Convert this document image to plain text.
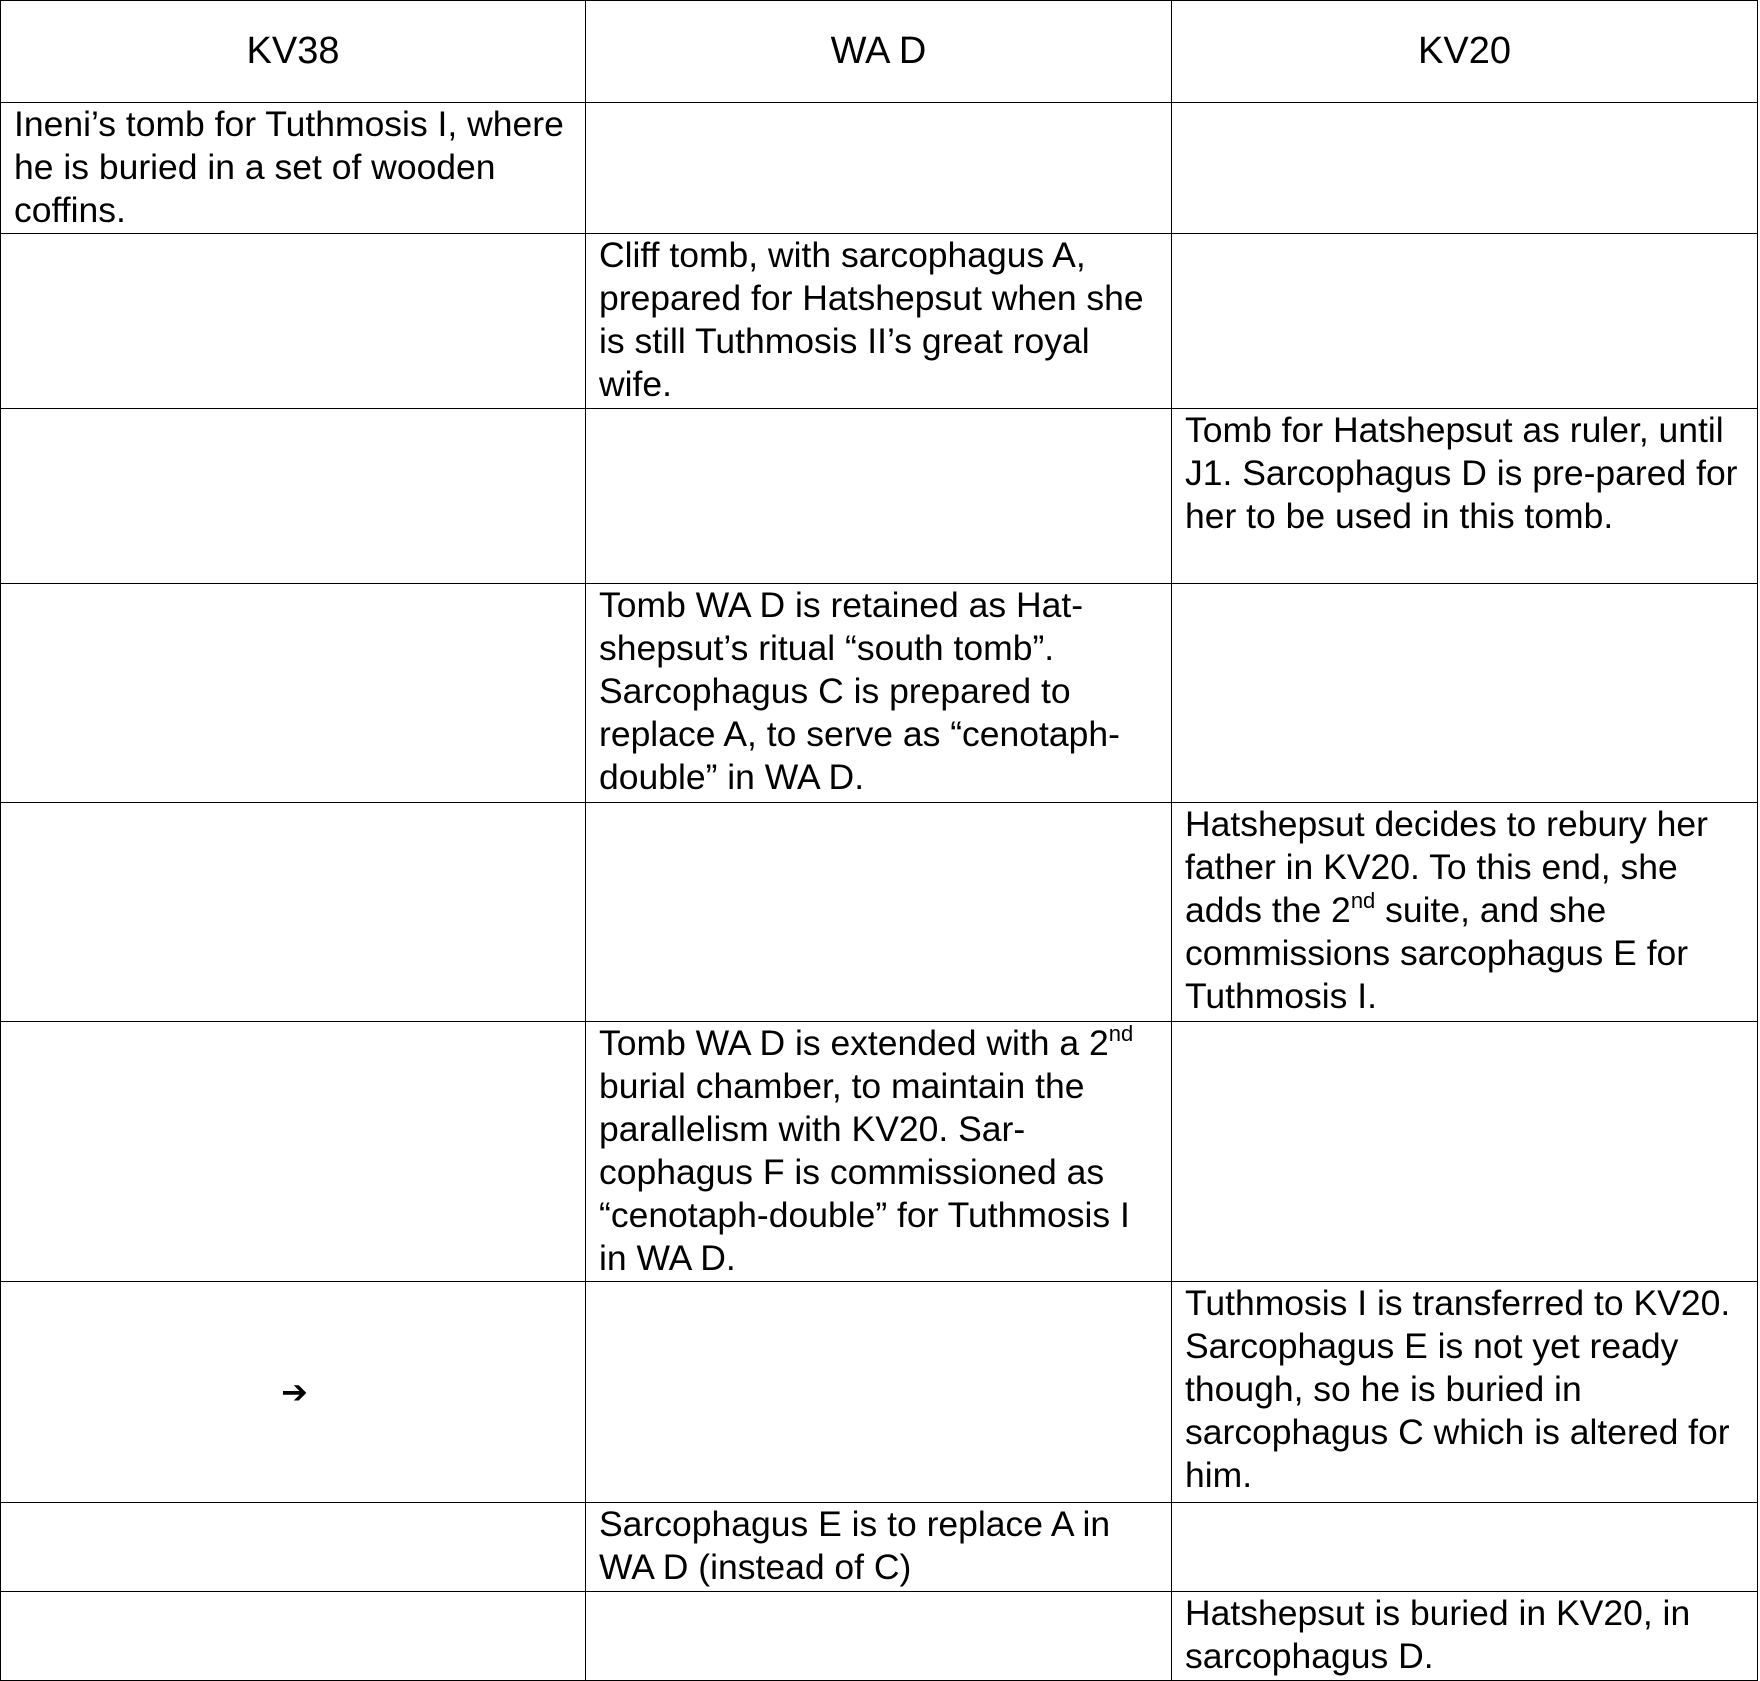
KV38	WA D	KV20
Ineni’s tomb for Tuthmosis I, where he is buried in a set of wooden coffins.		
	Cliff tomb, with sarcophagus A, prepared for Hatshepsut when she is still Tuthmosis II’s great royal wife.	
		Tomb for Hatshepsut as ruler, until J1. Sarcophagus D is pre-pared for her to be used in this tomb.
	Tomb WA D is retained as Hat-shepsut’s ritual “south tomb”. Sarcophagus C is prepared to replace A, to serve as “cenotaph-double” in WA D.	
		Hatshepsut decides to rebury her father in KV20. To this end, she adds the 2nd suite, and she commissions sarcophagus E for Tuthmosis I.
	Tomb WA D is extended with a 2nd burial chamber, to maintain the parallelism with KV20. Sar-cophagus F is commissioned as “cenotaph-double” for Tuthmosis I in WA D.	
➔		Tuthmosis I is transferred to KV20. Sarcophagus E is not yet ready though, so he is buried in sarcophagus C which is altered for him.
	Sarcophagus E is to replace A in WA D (instead of C)	
		Hatshepsut is buried in KV20, in sarcophagus D.
